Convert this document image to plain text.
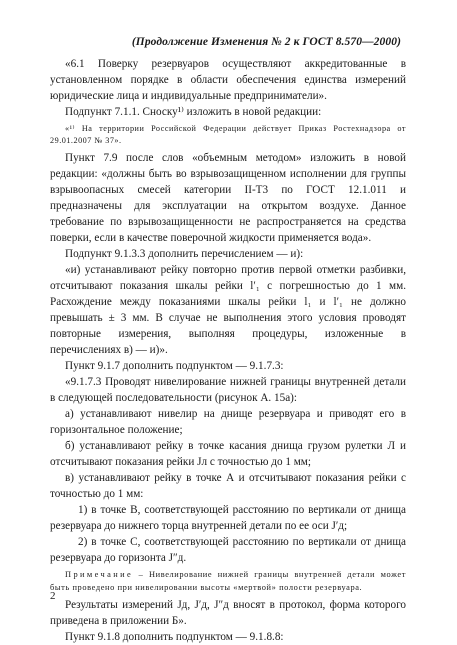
(Продолжение Изменения № 2 к ГОСТ 8.570—2000)

«6.1 Поверку резервуаров осуществляют аккредитованные в установленном порядке в области обеспечения единства измерений юридические лица и индивидуальные предприниматели».

Подпункт 7.1.1. Сноску¹⁾ изложить в новой редакции:

«¹⁾ На территории Российской Федерации действует Приказ Ростехнадзора от 29.01.2007 № 37».

Пункт 7.9 после слов «объемным методом» изложить в новой редакции: «должны быть во взрывозащищенном исполнении для группы взрывоопасных смесей категории II-Т3 по ГОСТ 12.1.011 и предназначены для эксплуатации на открытом воздухе. Данное требование по взрывозащищенности не распространяется на средства поверки, если в качестве поверочной жидкости применяется вода».

Подпункт 9.1.3.3 дополнить перечислением — и):

«и) устанавливают рейку повторно против первой отметки разбивки, отсчитывают показания шкалы рейки l′₁ с погрешностью до 1 мм. Расхождение между показаниями шкалы рейки l₁ и l′₁ не должно превышать ± 3 мм. В случае не выполнения этого условия проводят повторные измерения, выполняя процедуры, изложенные в перечислениях в) — и)».

Пункт 9.1.7 дополнить подпунктом — 9.1.7.3:

«9.1.7.3 Проводят нивелирование нижней границы внутренней детали в следующей последовательности (рисунок А. 15а):

а) устанавливают нивелир на днище резервуара и приводят его в горизонтальное положение;

б) устанавливают рейку в точке касания днища грузом рулетки Л и отсчитывают показания рейки Jл с точностью до 1 мм;

в) устанавливают рейку в точке А и отсчитывают показания рейки с точностью до 1 мм:

1) в точке В, соответствующей расстоянию по вертикали от днища резервуара до нижнего торца внутренней детали по ее оси J′д;

2) в точке С, соответствующей расстоянию по вертикали от днища резервуара до горизонта J″д.

Примечание – Нивелирование нижней границы внутренней детали может быть проведено при нивелировании высоты «мертвой» полости резервуара.

Результаты измерений Jд, J′д, J″д вносят в протокол, форма которого приведена в приложении Б».

Пункт 9.1.8 дополнить подпунктом — 9.1.8.8:

2
